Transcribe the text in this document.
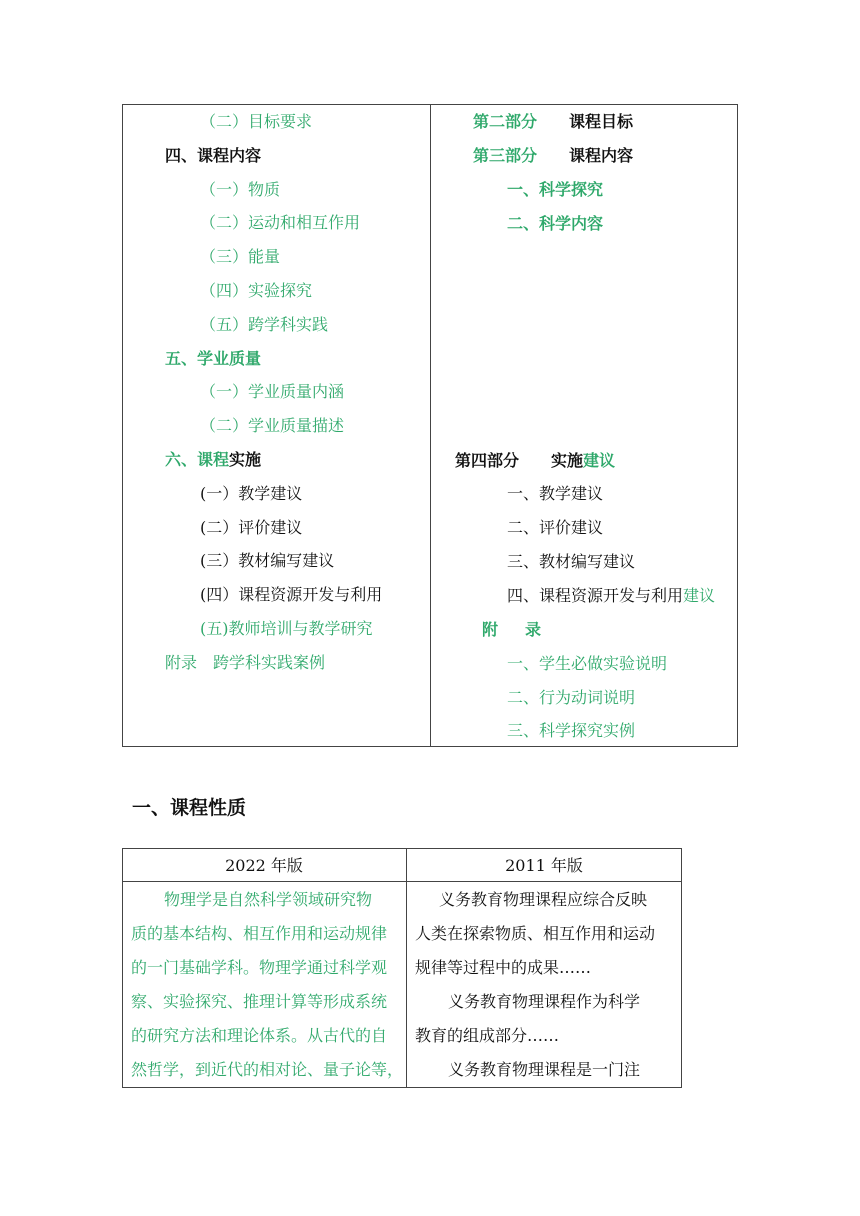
第二部分 课程目标
第三部分 课程内容
一、科学探究
二、科学内容
第四部分 实施建议
一、教学建议
二、评价建议
三、教材编写建议
四、课程资源开发与利用建议
附 录
一、学生必做实验说明
二、行为动词说明
三、科学探究实例
一、课程性质
2022 年版	2011 年版
（二）目标要求
四、课程内容
（一）物质
（二）运动和相互作用
（三）能量
（四）实验探究
（五）跨学科实践
五、学业质量
（一）学业质量内涵
（二）学业质量描述
六、课程实施
(一）教学建议
(二）评价建议
(三）教材编写建议
(四）课程资源开发与利用
(五)教师培训与教学研究
附录　跨学科实践案例
物理学是自然科学领域研究物
质的基本结构、相互作用和运动规律
的一门基础学科。物理学通过科学观
察、实验探究、推理计算等形成系统
的研究方法和理论体系。从古代的自
然哲学，到近代的相对论、量子论等，
义务教育物理课程应综合反映
人类在探索物质、相互作用和运动
规律等过程中的成果……
义务教育物理课程作为科学
教育的组成部分……
义务教育物理课程是一门注
